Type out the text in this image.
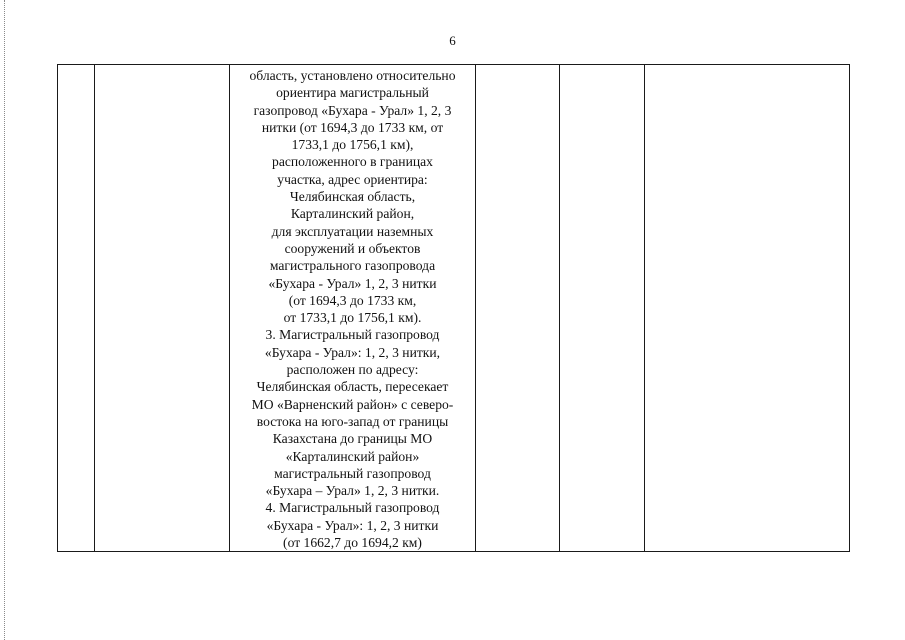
6

область, установлено относительно
ориентира магистральный
газопровод «Бухара - Урал» 1, 2, 3
нитки (от 1694,3 до 1733 км, от
1733,1 до 1756,1 км),
расположенного в границах
участка, адрес ориентира:
Челябинская область,
Карталинский район,
для эксплуатации наземных
сооружений и объектов
магистрального газопровода
«Бухара - Урал» 1, 2, 3 нитки
(от 1694,3 до 1733 км,
от 1733,1 до 1756,1 км).
3. Магистральный газопровод
«Бухара - Урал»: 1, 2, 3 нитки,
расположен по адресу:
Челябинская область, пересекает
МО «Варненский район» с северо-
востока на юго-запад от границы
Казахстана до границы МО
«Карталинский район»
магистральный газопровод
«Бухара – Урал» 1, 2, 3 нитки.
4. Магистральный газопровод
«Бухара - Урал»: 1, 2, 3 нитки
(от 1662,7 до 1694,2 км)
